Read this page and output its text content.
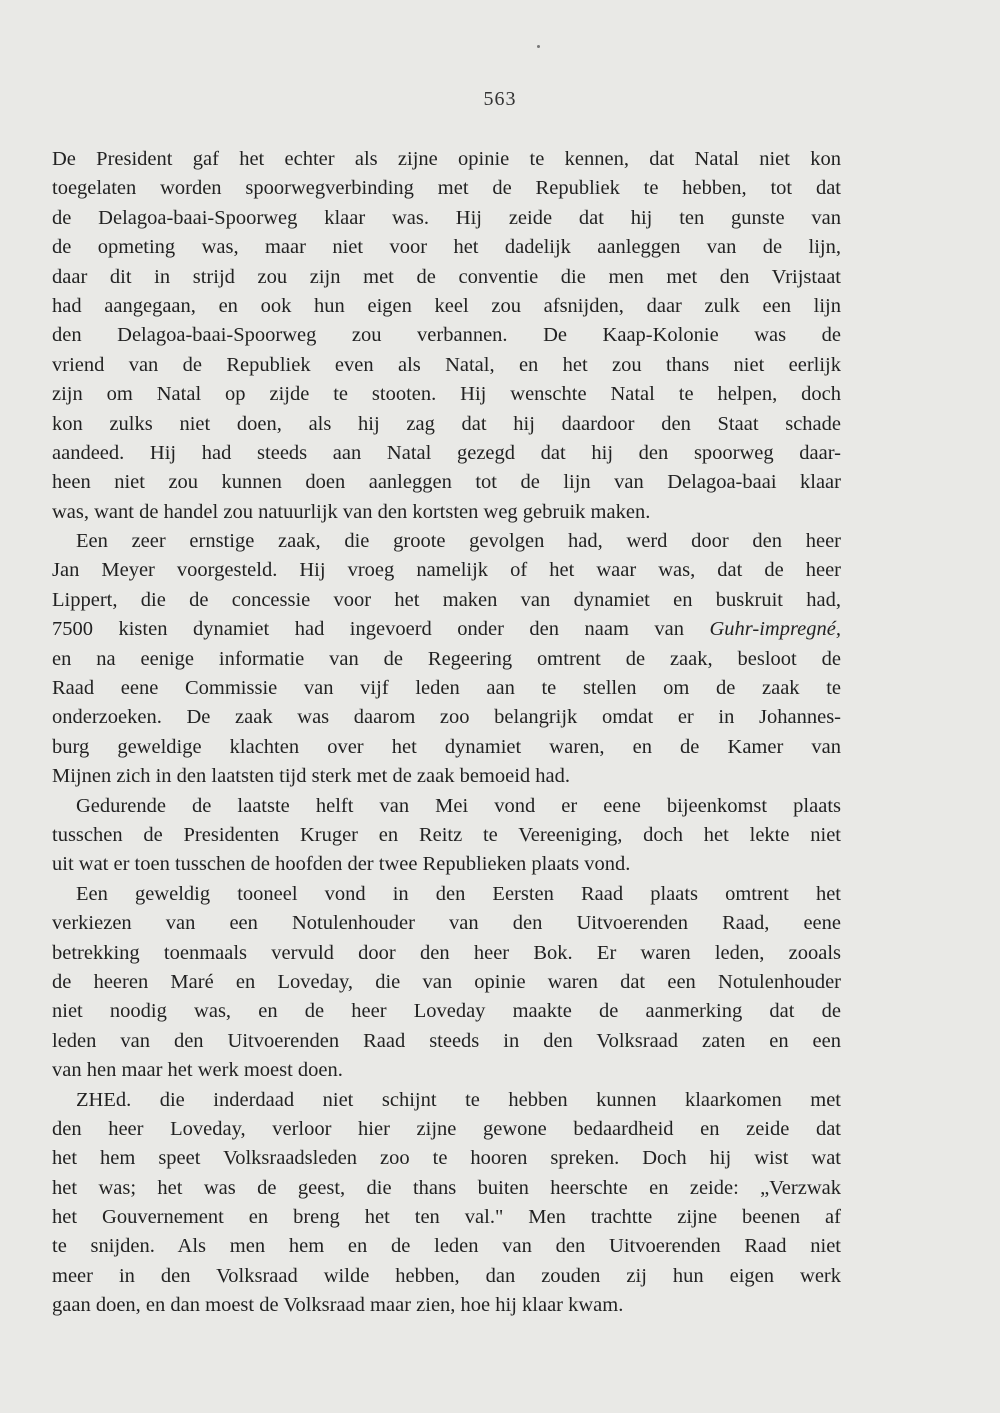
563
De President gaf het echter als zijne opinie te kennen, dat Natal niet kon
toegelaten worden spoorwegverbinding met de Republiek te hebben, tot dat
de Delagoa-baai-Spoorweg klaar was. Hij zeide dat hij ten gunste van
de opmeting was, maar niet voor het dadelijk aanleggen van de lijn,
daar dit in strijd zou zijn met de conventie die men met den Vrijstaat
had aangegaan, en ook hun eigen keel zou afsnijden, daar zulk een lijn
den Delagoa-baai-Spoorweg zou verbannen. De Kaap-Kolonie was de
vriend van de Republiek even als Natal, en het zou thans niet eerlijk
zijn om Natal op zijde te stooten. Hij wenschte Natal te helpen, doch
kon zulks niet doen, als hij zag dat hij daardoor den Staat schade
aandeed. Hij had steeds aan Natal gezegd dat hij den spoorweg daar-
heen niet zou kunnen doen aanleggen tot de lijn van Delagoa-baai klaar
was, want de handel zou natuurlijk van den kortsten weg gebruik maken.
Een zeer ernstige zaak, die groote gevolgen had, werd door den heer
Jan Meyer voorgesteld. Hij vroeg namelijk of het waar was, dat de heer
Lippert, die de concessie voor het maken van dynamiet en buskruit had,
7500 kisten dynamiet had ingevoerd onder den naam van Guhr-impregné,
en na eenige informatie van de Regeering omtrent de zaak, besloot de
Raad eene Commissie van vijf leden aan te stellen om de zaak te
onderzoeken. De zaak was daarom zoo belangrijk omdat er in Johannes-
burg geweldige klachten over het dynamiet waren, en de Kamer van
Mijnen zich in den laatsten tijd sterk met de zaak bemoeid had.
Gedurende de laatste helft van Mei vond er eene bijeenkomst plaats
tusschen de Presidenten Kruger en Reitz te Vereeniging, doch het lekte niet
uit wat er toen tusschen de hoofden der twee Republieken plaats vond.
Een geweldig tooneel vond in den Eersten Raad plaats omtrent het
verkiezen van een Notulenhouder van den Uitvoerenden Raad, eene
betrekking toenmaals vervuld door den heer Bok. Er waren leden, zooals
de heeren Maré en Loveday, die van opinie waren dat een Notulenhouder
niet noodig was, en de heer Loveday maakte de aanmerking dat de
leden van den Uitvoerenden Raad steeds in den Volksraad zaten en een
van hen maar het werk moest doen.
ZHEd. die inderdaad niet schijnt te hebben kunnen klaarkomen met
den heer Loveday, verloor hier zijne gewone bedaardheid en zeide dat
het hem speet Volksraadsleden zoo te hooren spreken. Doch hij wist wat
het was; het was de geest, die thans buiten heerschte en zeide: „Verzwak
het Gouvernement en breng het ten val." Men trachtte zijne beenen af
te snijden. Als men hem en de leden van den Uitvoerenden Raad niet
meer in den Volksraad wilde hebben, dan zouden zij hun eigen werk
gaan doen, en dan moest de Volksraad maar zien, hoe hij klaar kwam.
